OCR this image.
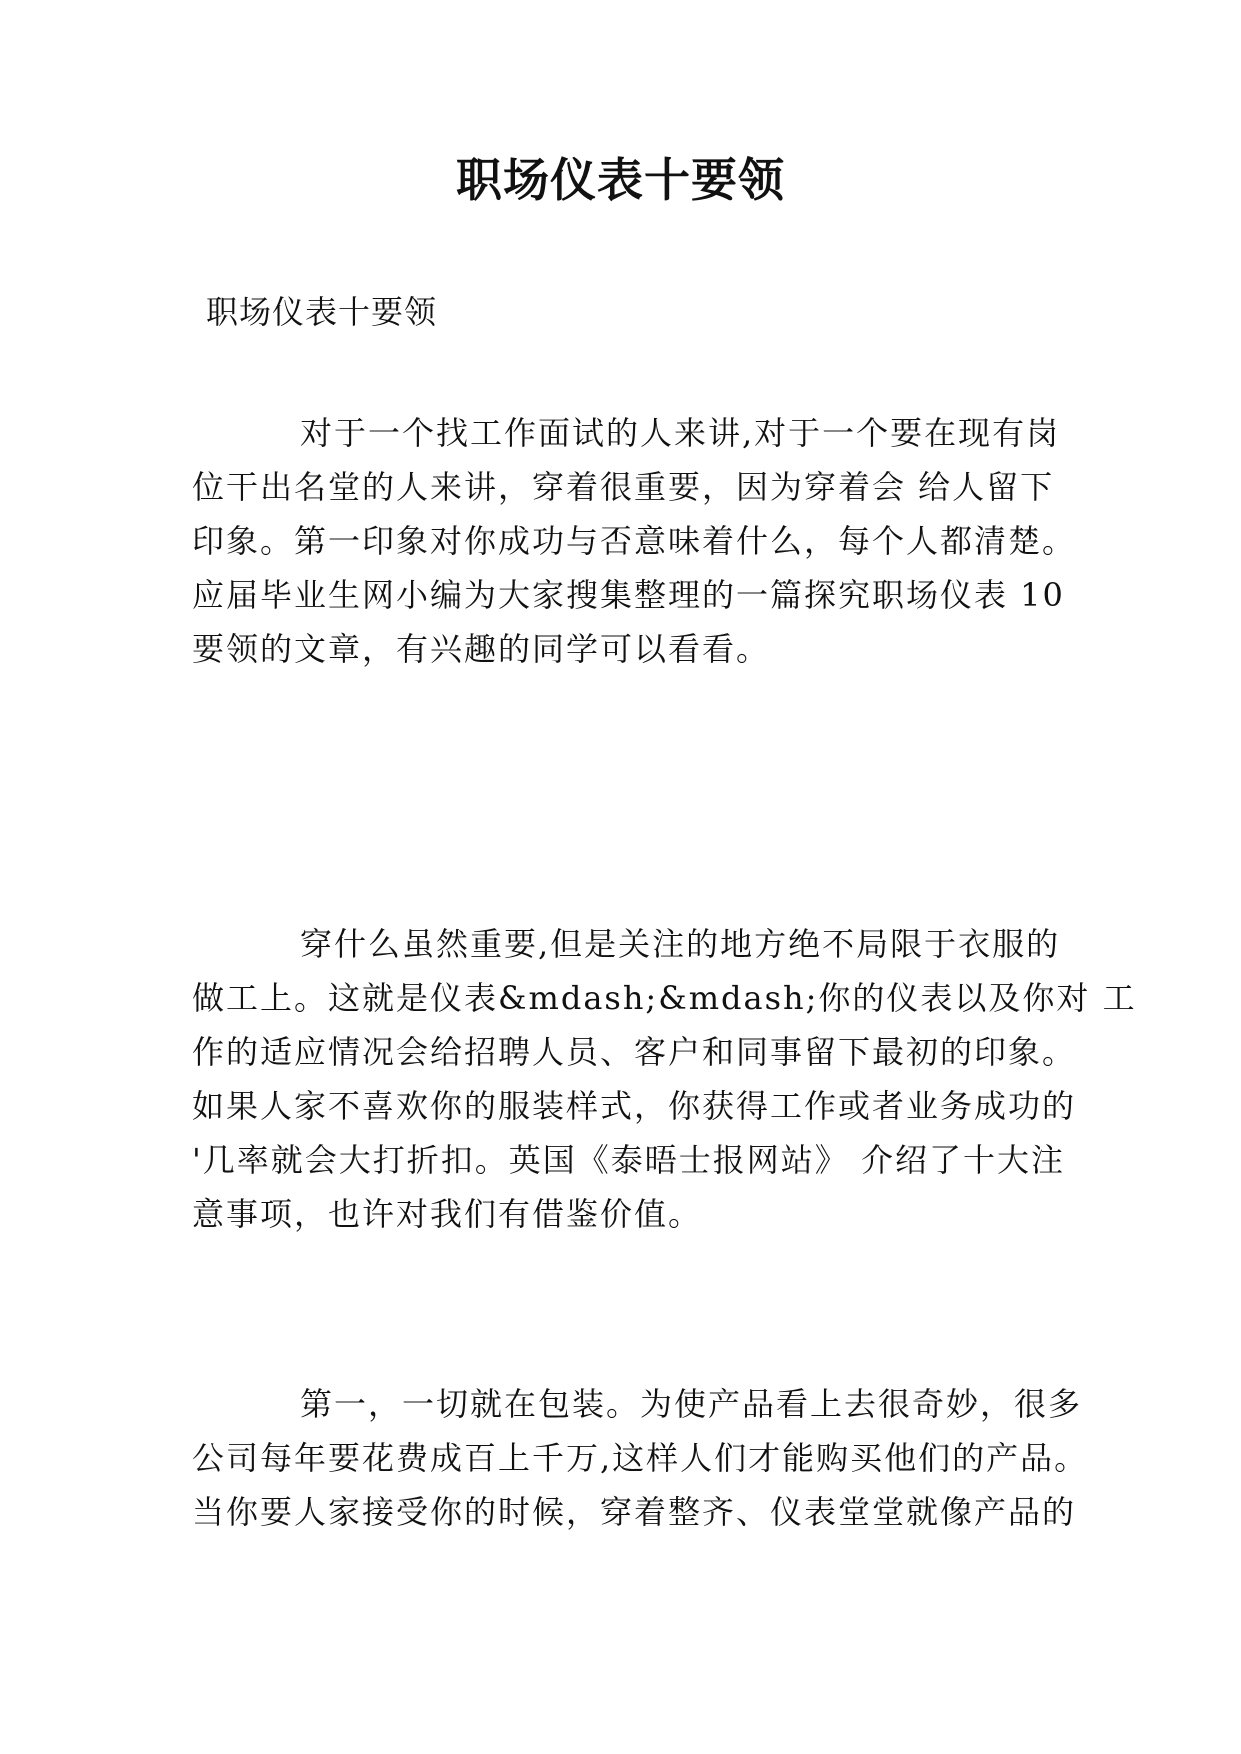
职场仪表十要领

职场仪表十要领

对于一个找工作面试的人来讲,对于一个要在现有岗
位干出名堂的人来讲，穿着很重要，因为穿着会 给人留下
印象。第一印象对你成功与否意味着什么，每个人都清楚。
应届毕业生网小编为大家搜集整理的一篇探究职场仪表 10
要领的文章，有兴趣的同学可以看看。
穿什么虽然重要,但是关注的地方绝不局限于衣服的
做工上。这就是仪表&mdash;&mdash;你的仪表以及你对 工
作的适应情况会给招聘人员、客户和同事留下最初的印象。
如果人家不喜欢你的服装样式，你获得工作或者业务成功的
'几率就会大打折扣。英国《泰晤士报网站》 介绍了十大注
意事项，也许对我们有借鉴价值。
第一，一切就在包装。为使产品看上去很奇妙，很多
公司每年要花费成百上千万,这样人们才能购买他们的产品。
当你要人家接受你的时候，穿着整齐、仪表堂堂就像产品的
